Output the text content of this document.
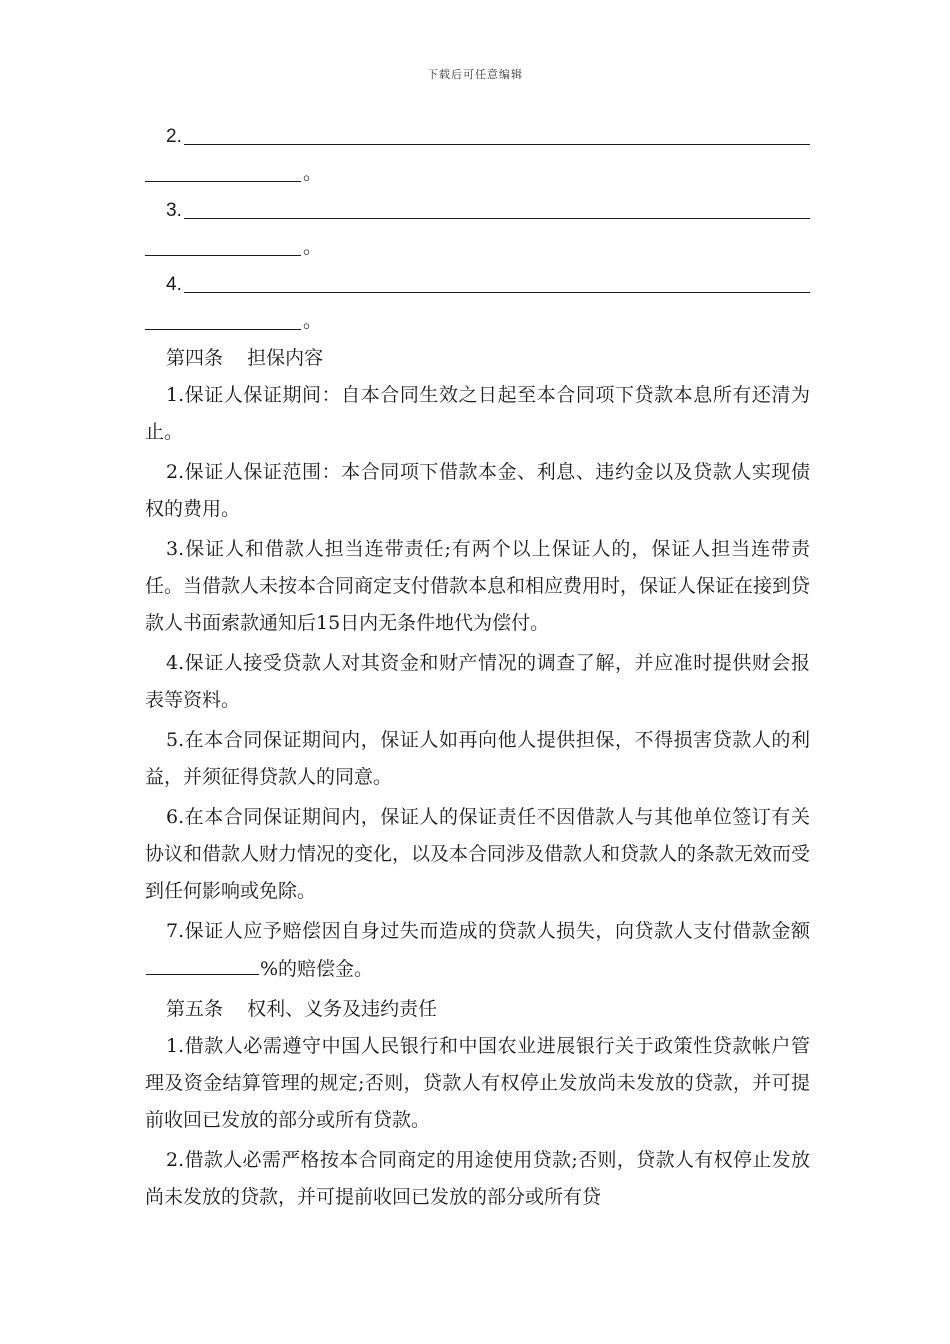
下载后可任意编辑
2.
。
3.
。
4.
。
第四条    担保内容

1.保证人保证期间：自本合同生效之日起至本合同项下贷款本息所有还清为止。

2.保证人保证范围：本合同项下借款本金、利息、违约金以及贷款人实现债权的费用。

3.保证人和借款人担当连带责任;有两个以上保证人的，保证人担当连带责任。当借款人未按本合同商定支付借款本息和相应费用时，保证人保证在接到贷款人书面索款通知后15日内无条件地代为偿付。

4.保证人接受贷款人对其资金和财产情况的调查了解，并应准时提供财会报表等资料。

5.在本合同保证期间内，保证人如再向他人提供担保，不得损害贷款人的利益，并须征得贷款人的同意。

6.在本合同保证期间内，保证人的保证责任不因借款人与其他单位签订有关协议和借款人财力情况的变化，以及本合同涉及借款人和贷款人的条款无效而受到任何影响或免除。

7.保证人应予赔偿因自身过失而造成的贷款人损失，向贷款人支付借款金额%的赔偿金。

第五条    权利、义务及违约责任

1.借款人必需遵守中国人民银行和中国农业进展银行关于政策性贷款帐户管理及资金结算管理的规定;否则，贷款人有权停止发放尚未发放的贷款，并可提前收回已发放的部分或所有贷款。

2.借款人必需严格按本合同商定的用途使用贷款;否则，贷款人有权停止发放尚未发放的贷款，并可提前收回已发放的部分或所有贷
